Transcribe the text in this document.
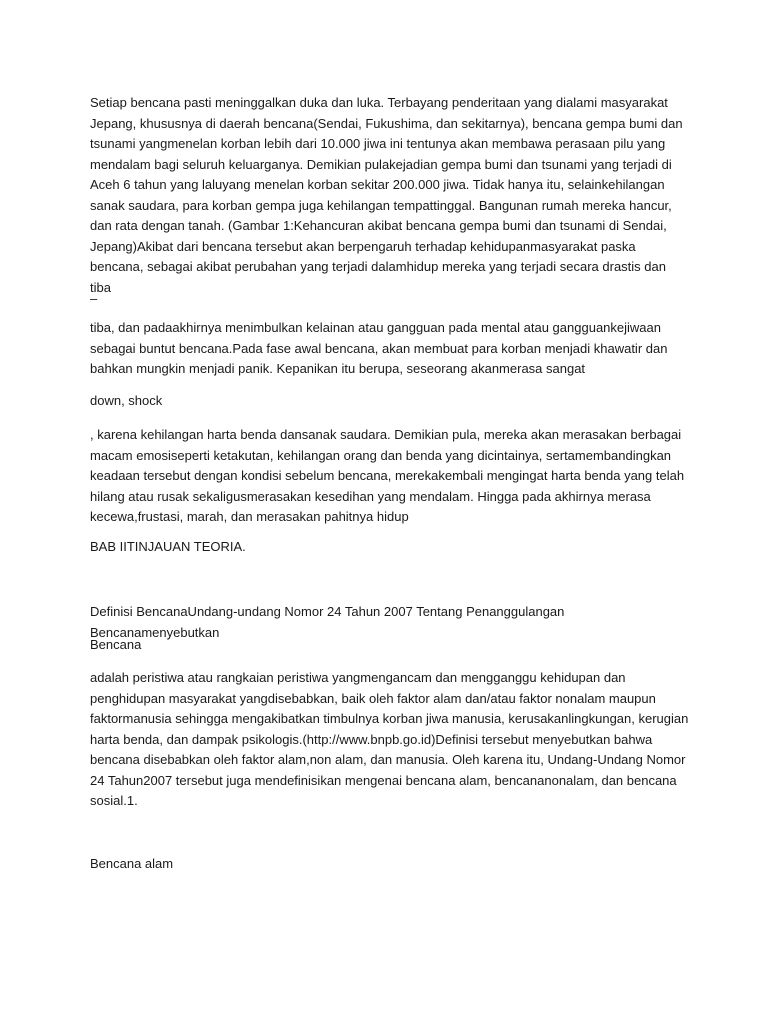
Setiap bencana pasti meninggalkan duka dan luka. Terbayang penderitaan yang dialami masyarakat Jepang, khususnya di daerah bencana(Sendai, Fukushima, dan sekitarnya), bencana gempa bumi dan tsunami yangmenelan korban lebih dari 10.000 jiwa ini tentunya akan membawa perasaan pilu yang mendalam bagi seluruh keluarganya. Demikian pulakejadian gempa bumi dan tsunami yang terjadi di Aceh 6 tahun yang laluyang menelan korban sekitar 200.000 jiwa. Tidak hanya itu, selainkehilangan sanak saudara, para korban gempa juga kehilangan tempattinggal. Bangunan rumah mereka hancur, dan rata dengan tanah. (Gambar 1:Kehancuran akibat bencana gempa bumi dan tsunami di Sendai, Jepang)Akibat dari bencana tersebut akan berpengaruh terhadap kehidupanmasyarakat paska bencana, sebagai akibat perubahan yang terjadi dalamhidup mereka yang terjadi secara drastis dan tiba

–

tiba, dan padaakhirnya menimbulkan kelainan atau gangguan pada mental atau gangguankejiwaan sebagai buntut bencana.Pada fase awal bencana, akan membuat para korban menjadi khawatir dan bahkan mungkin menjadi panik. Kepanikan itu berupa, seseorang akanmerasa sangat

down, shock

, karena kehilangan harta benda dansanak saudara. Demikian pula, mereka akan merasakan berbagai macam emosiseperti ketakutan, kehilangan orang dan benda yang dicintainya, sertamembandingkan keadaan tersebut dengan kondisi sebelum bencana, merekakembali mengingat harta benda yang telah hilang atau rusak sekaligusmerasakan kesedihan yang mendalam. Hingga pada akhirnya merasa kecewa,frustasi, marah, dan merasakan pahitnya hidup

BAB IITINJAUAN TEORIA.

Definisi BencanaUndang-undang Nomor 24 Tahun 2007 Tentang Penanggulangan Bencanamenyebutkan

Bencana

adalah peristiwa atau rangkaian peristiwa yangmengancam dan mengganggu kehidupan dan penghidupan masyarakat yangdisebabkan, baik oleh faktor alam dan/atau faktor nonalam maupun faktormanusia sehingga mengakibatkan timbulnya korban jiwa manusia, kerusakanlingkungan, kerugian harta benda, dan dampak psikologis.(http://www.bnpb.go.id)Definisi tersebut menyebutkan bahwa bencana disebabkan oleh faktor alam,non alam, dan manusia. Oleh karena itu, Undang-Undang Nomor 24 Tahun2007 tersebut juga mendefinisikan mengenai bencana alam, bencananonalam, dan bencana sosial.1.

Bencana alam
